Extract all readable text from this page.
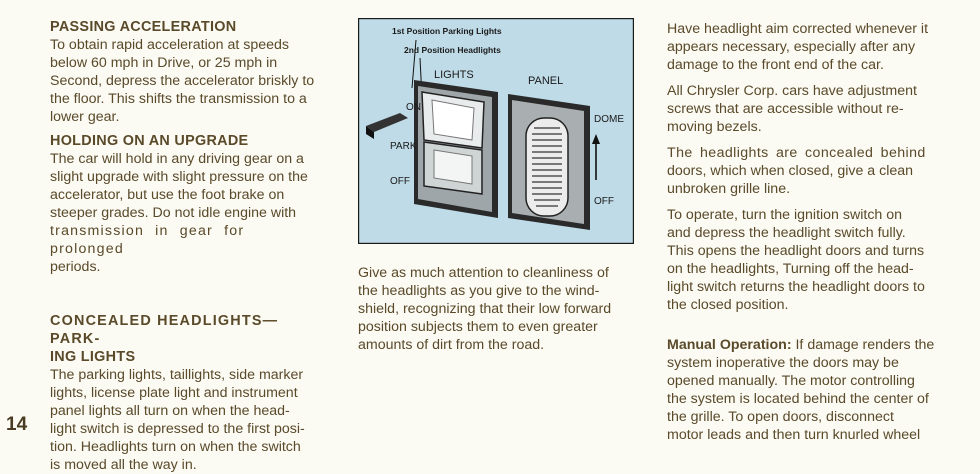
14
PASSING ACCELERATION

To obtain rapid acceleration at speeds

below 60 mph in Drive, or 25 mph in

Second, depress the accelerator briskly to

the floor. This shifts the transmission to a

lower gear.

HOLDING ON AN UPGRADE

The car will hold in any driving gear on a

slight upgrade with slight pressure on the

accelerator, but use the foot brake on

steeper grades. Do not idle engine with

transmission in gear for prolonged

periods.

CONCEALED HEADLIGHTS—PARK-
ING LIGHTS

The parking lights, taillights, side marker

lights, license plate light and instrument

panel lights all turn on when the head-

light switch is depressed to the first posi-

tion. Headlights turn on when the switch

is moved all the way in.

1st Position Parking Lights
2nd Position Headlights
LIGHTS	PANEL
ON
PARK
OFF
DOME
OFF

Give as much attention to cleanliness of

the headlights as you give to the wind-

shield, recognizing that their low forward

position subjects them to even greater

amounts of dirt from the road.

Have headlight aim corrected whenever it

appears necessary, especially after any

damage to the front end of the car.

All Chrysler Corp. cars have adjustment

screws that are accessible without re-

moving bezels.

The headlights are concealed behind

doors, which when closed, give a clean

unbroken grille line.

To operate, turn the ignition switch on

and depress the headlight switch fully.

This opens the headlight doors and turns

on the headlights, Turning off the head-

light switch returns the headlight doors to

the closed position.

Manual Operation: If damage renders the

system inoperative the doors may be

opened manually. The motor controlling

the system is located behind the center of

the grille. To open doors, disconnect

motor leads and then turn knurled wheel
